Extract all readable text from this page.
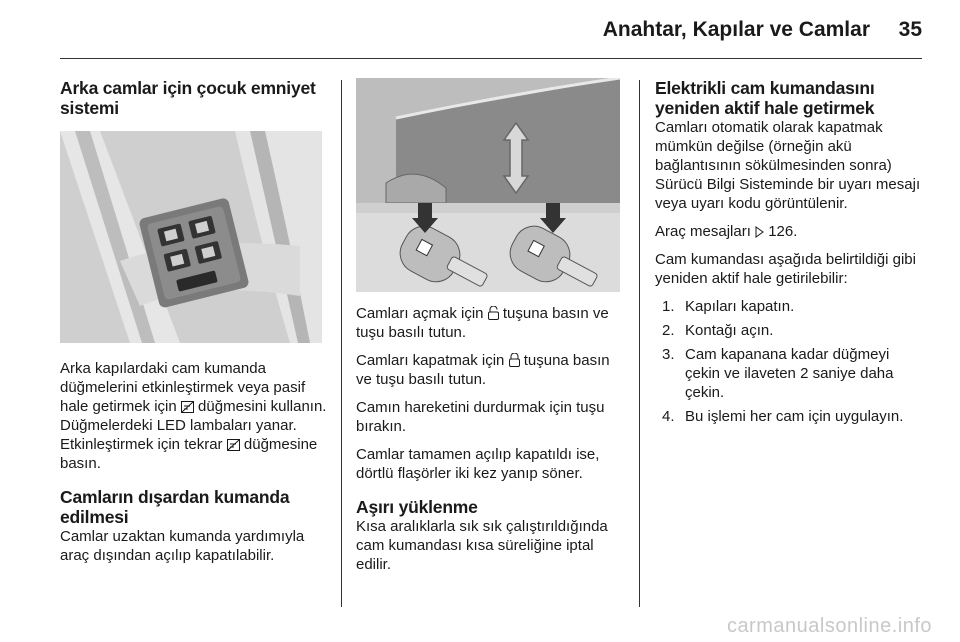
Anahtar, Kapılar ve Camlar 35
Arka camlar için çocuk emniyet sistemi

Arka kapılardaki cam kumanda düğmelerini etkinleştirmek veya pasif hale getirmek için  düğmesini kullanın. Düğmelerdeki LED lambaları yanar. Etkinleştirmek için tekrar  düğmesine basın.

Camların dışardan kumanda edilmesi

Camlar uzaktan kumanda yardımıyla araç dışından açılıp kapatılabilir.

Camları açmak için  tuşuna basın ve tuşu basılı tutun.

Camları kapatmak için  tuşuna basın ve tuşu basılı tutun.

Camın hareketini durdurmak için tuşu bırakın.

Camlar tamamen açılıp kapatıldı ise, dörtlü flaşörler iki kez yanıp söner.

Aşırı yüklenme

Kısa aralıklarla sık sık çalıştırıldığında cam kumandası kısa süreliğine iptal edilir.

Elektrikli cam kumandasını yeniden aktif hale getirmek

Camları otomatik olarak kapatmak mümkün değilse (örneğin akü bağlantısının sökülmesinden sonra) Sürücü Bilgi Sisteminde bir uyarı mesajı veya uyarı kodu görüntülenir.

Araç mesajları  126.

Cam kumandası aşağıda belirtildiği gibi yeniden aktif hale getirilebilir:

1. Kapıları kapatın.
2. Kontağı açın.
3. Cam kapanana kadar düğmeyi çekin ve ilaveten 2 saniye daha çekin.
4. Bu işlemi her cam için uygulayın.
carmanualsonline.info
